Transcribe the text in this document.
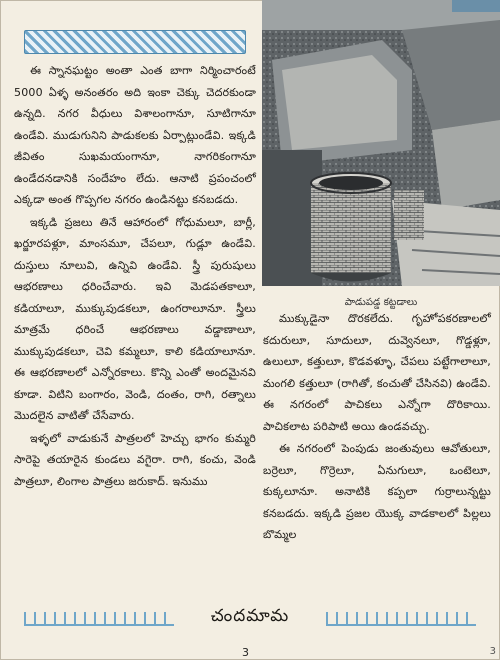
ఈ స్నానఘట్టం అంతా ఎంత బాగా నిర్మించారంటే 5000 ఏళ్ళ అనంతరం అది ఇంకా చెక్కు చెదరకుండా ఉన్నది. నగర వీధులు విశాలంగానూ, సూటిగానూ ఉండేవి. ముడుగునిని పాడుకలకు ఏర్పాట్లుండేవి. ఇక్కడి జీవితం సుఖమయంగానూ, నాగరికంగానూ ఉండేదనడానికి సందేహం లేదు. ఆనాటి ప్రపంచంలో ఎక్కడా అంత గొప్పగల నగరం ఉండినట్టు కనబడదు.

ఇక్కడి ప్రజలు తినే ఆహారంలో గోధుమలూ, బార్లీ, ఖర్జూరపళ్లూ, మాంసమూ, చేపలూ, గుడ్లూ ఉండేవి. దుస్తులు నూలువి, ఉన్నివి ఉండేవి. స్త్రీ పురుషులు ఆభరణాలు ధరించేవారు. ఇవి మెడపతకాలూ, కడియాలూ, ముక్కుపుడకలూ, ఉంగరాలూనూ. స్త్రీలు మాత్రమే ధరించే ఆభరణాలు వడ్డాణాలూ, ముక్కుపుడకలూ, చెవి కమ్మలూ, కాలి కడియాలూనూ. ఈ ఆభరణాలలో ఎన్నోరకాలు. కొన్ని ఎంతో అందమైనవి కూడా. విటిని బంగారం, వెండి, దంతం, రాగి, రత్నాలు మొదలైన వాటితో చేసేవారు.

ఇళ్ళలో వాడుకునే పాత్రలలో హెచ్చు భాగం కుమ్మరి సారెపై తయారైన కుండలు వగైరా. రాగి, కంచు, వెండి పాత్రలూ, లింగాల పాత్రలు జరుకాద్. ఇనుము

పాడుపడ్డ కట్టడాలు

ముక్కుడైనా దొరకలేదు. గృహోపకరణాలలో కదురులూ, సూదులూ, దువ్వెనలూ, గొడ్డళ్లూ, ఉలులూ, కత్తులూ, కొడవళ్ళూ, చేపలు పట్టేగాలాలూ, మంగలి కత్తులూ (రాగితో, కంచుతో చేసినవి) ఉండేవి. ఈ నగరంలో పాచికలు ఎన్నోగా దొరికాయి. పాచికలాట పరిపాటి అయి ఉండవచ్చు.

ఈ నగరంలో పెంపుడు జంతువులు ఆవోతులూ, బర్రెలూ, గొర్రెలూ, ఏనుగులూ, ఒంటెలూ, కుక్కలూనూ. అనాటికి కప్పలా గుర్రాలున్నట్టు కనబడదు. ఇక్కడి ప్రజల యొక్క వాడకాలలో పిల్లలు బొమ్మల

చందమామ
3	3
